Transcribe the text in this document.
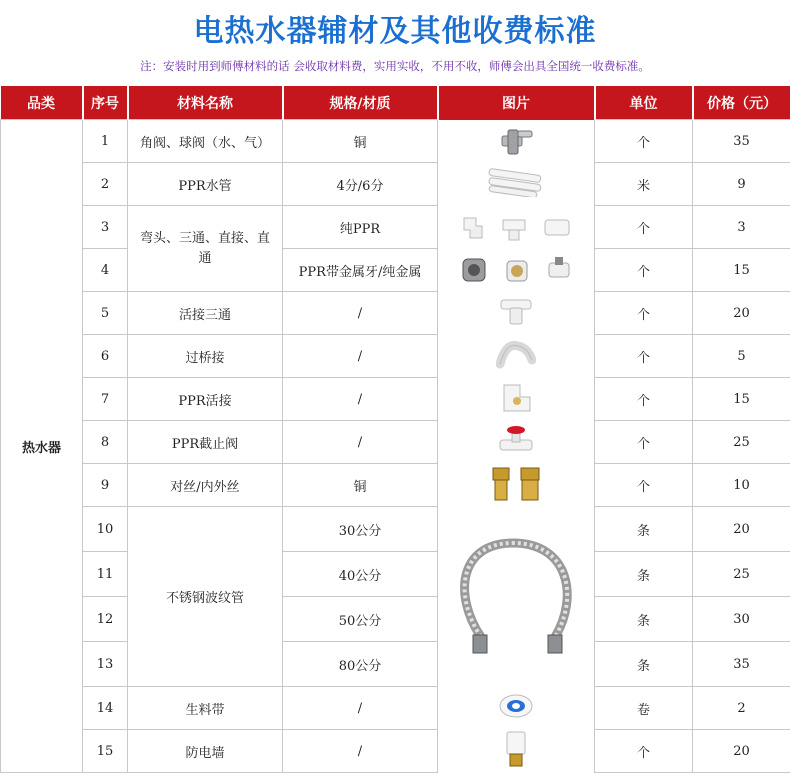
电热水器辅材及其他收费标准
注：安装时用到师傅材料的话 会收取材料费，实用实收，不用不收，师傅会出具全国统一收费标准。
品类	序号	材料名称	规格/材质	图片	单位	价格（元）
热水器	1	角阀、球阀（水、气）	铜		个	35
	2	PPR水管	4分/6分		米	9
	3	弯头、三通、直接、直通	纯PPR		个	3
	4		PPR带金属牙/纯金属		个	15
	5	活接三通	/		个	20
	6	过桥接	/		个	5
	7	PPR活接	/		个	15
	8	PPR截止阀	/		个	25
	9	对丝/内外丝	铜		个	10
	10	不锈钢波纹管	30公分		条	20
	11		40公分		条	25
	12		50公分		条	30
	13		80公分		条	35
	14	生料带	/		卷	2
	15	防电墙	/		个	20
